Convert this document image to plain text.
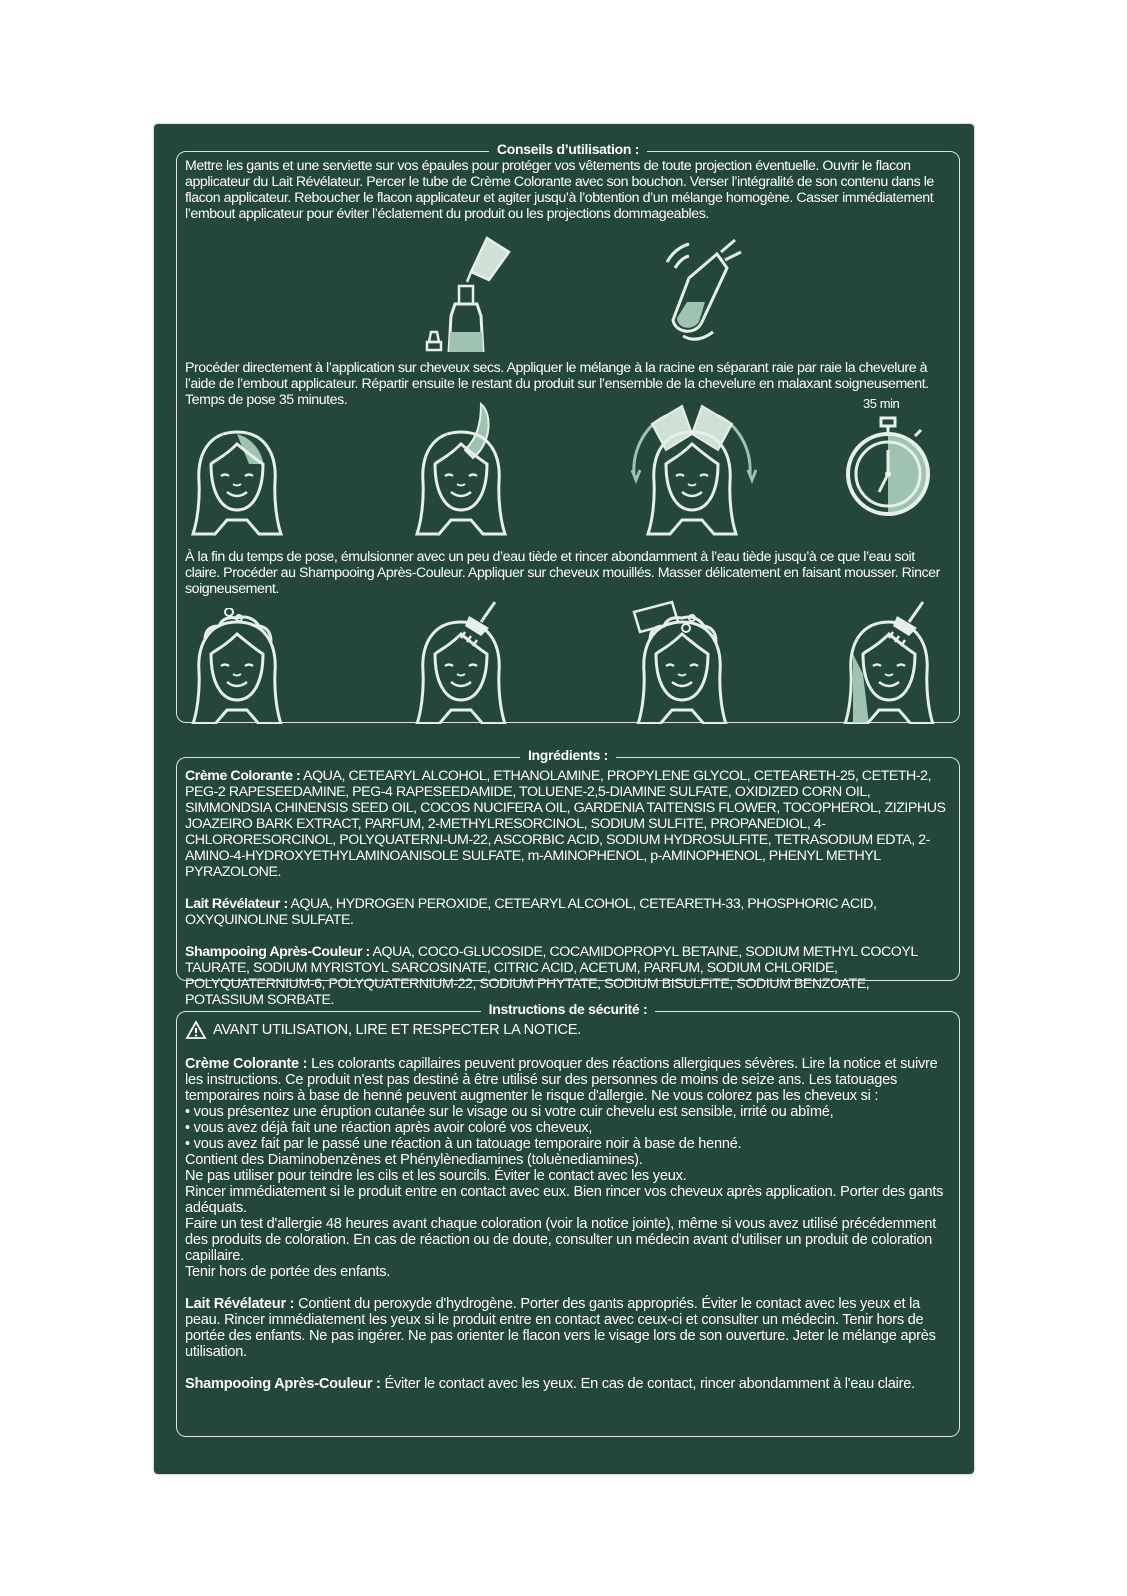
Conseils d’utilisation :
Mettre les gants et une serviette sur vos épaules pour protéger vos vêtements de toute projection éventuelle. Ouvrir le flacon applicateur du Lait Révélateur. Percer le tube de Crème Colorante avec son bouchon. Verser l’intégralité de son contenu dans le flacon applicateur. Reboucher le flacon applicateur et agiter jusqu’à l’obtention d’un mélange homogène. Casser immédiatement l’embout applicateur pour éviter l’éclatement du produit ou les projections dommageables.
Procéder directement à l’application sur cheveux secs. Appliquer le mélange à la racine en séparant raie par raie la chevelure à l’aide de l’embout applicateur. Répartir ensuite le restant du produit sur l’ensemble de la chevelure en malaxant soigneusement. Temps de pose 35 minutes.	35 min
À la fin du temps de pose, émulsionner avec un peu d’eau tiède et rincer abondamment à l’eau tiède jusqu’à ce que l’eau soit claire. Procéder au Shampooing Après-Couleur. Appliquer sur cheveux mouillés. Masser délicatement en faisant mousser. Rincer soigneusement.
Ingrédients :
Crème Colorante : AQUA, CETEARYL ALCOHOL, ETHANOLAMINE, PROPYLENE GLYCOL, CETEARETH-25, CETETH-2, PEG-2 RAPESEEDAMINE, PEG-4 RAPESEEDAMIDE, TOLUENE-2,5-DIAMINE SULFATE, OXIDIZED CORN OIL, SIMMONDSIA CHINENSIS SEED OIL, COCOS NUCIFERA OIL, GARDENIA TAITENSIS FLOWER, TOCOPHEROL, ZIZIPHUS JOAZEIRO BARK EXTRACT, PARFUM, 2-METHYLRESORCINOL, SODIUM SULFITE, PROPANEDIOL, 4-CHLORORESORCINOL, POLYQUATERNI-UM-22, ASCORBIC ACID, SODIUM HYDROSULFITE, TETRASODIUM EDTA, 2-AMINO-4-HYDROXYETHYLAMINOANISOLE SULFATE, m-AMINOPHENOL, p-AMINOPHENOL, PHENYL METHYL PYRAZOLONE.
Lait Révélateur : AQUA, HYDROGEN PEROXIDE, CETEARYL ALCOHOL, CETEARETH-33, PHOSPHORIC ACID, OXYQUINOLINE SULFATE.
Shampooing Après-Couleur : AQUA, COCO-GLUCOSIDE, COCAMIDOPROPYL BETAINE, SODIUM METHYL COCOYL TAURATE, SODIUM MYRISTOYL SARCOSINATE, CITRIC ACID, ACETUM, PARFUM, SODIUM CHLORIDE, POLYQUATERNIUM-6, POLYQUATERNIUM-22, SODIUM PHYTATE, SODIUM BISULFITE, SODIUM BENZOATE, POTASSIUM SORBATE.
Instructions de sécurité :
AVANT UTILISATION, LIRE ET RESPECTER LA NOTICE.
Crème Colorante : Les colorants capillaires peuvent provoquer des réactions allergiques sévères. Lire la notice et suivre les instructions. Ce produit n'est pas destiné à être utilisé sur des personnes de moins de seize ans. Les tatouages temporaires noirs à base de henné peuvent augmenter le risque d'allergie. Ne vous colorez pas les cheveux si :
• vous présentez une éruption cutanée sur le visage ou si votre cuir chevelu est sensible, irrité ou abîmé,
• vous avez déjà fait une réaction après avoir coloré vos cheveux,
• vous avez fait par le passé une réaction à un tatouage temporaire noir à base de henné.
Contient des Diaminobenzènes et Phénylènediamines (toluènediamines).
Ne pas utiliser pour teindre les cils et les sourcils. Éviter le contact avec les yeux.
Rincer immédiatement si le produit entre en contact avec eux. Bien rincer vos cheveux après application. Porter des gants adéquats.
Faire un test d'allergie 48 heures avant chaque coloration (voir la notice jointe), même si vous avez utilisé précédemment des produits de coloration. En cas de réaction ou de doute, consulter un médecin avant d'utiliser un produit de coloration capillaire.
Tenir hors de portée des enfants.
Lait Révélateur : Contient du peroxyde d'hydrogène. Porter des gants appropriés. Éviter le contact avec les yeux et la peau. Rincer immédiatement les yeux si le produit entre en contact avec ceux-ci et consulter un médecin. Tenir hors de portée des enfants. Ne pas ingérer. Ne pas orienter le flacon vers le visage lors de son ouverture. Jeter le mélange après utilisation.
Shampooing Après-Couleur : Éviter le contact avec les yeux. En cas de contact, rincer abondamment à l'eau claire.
